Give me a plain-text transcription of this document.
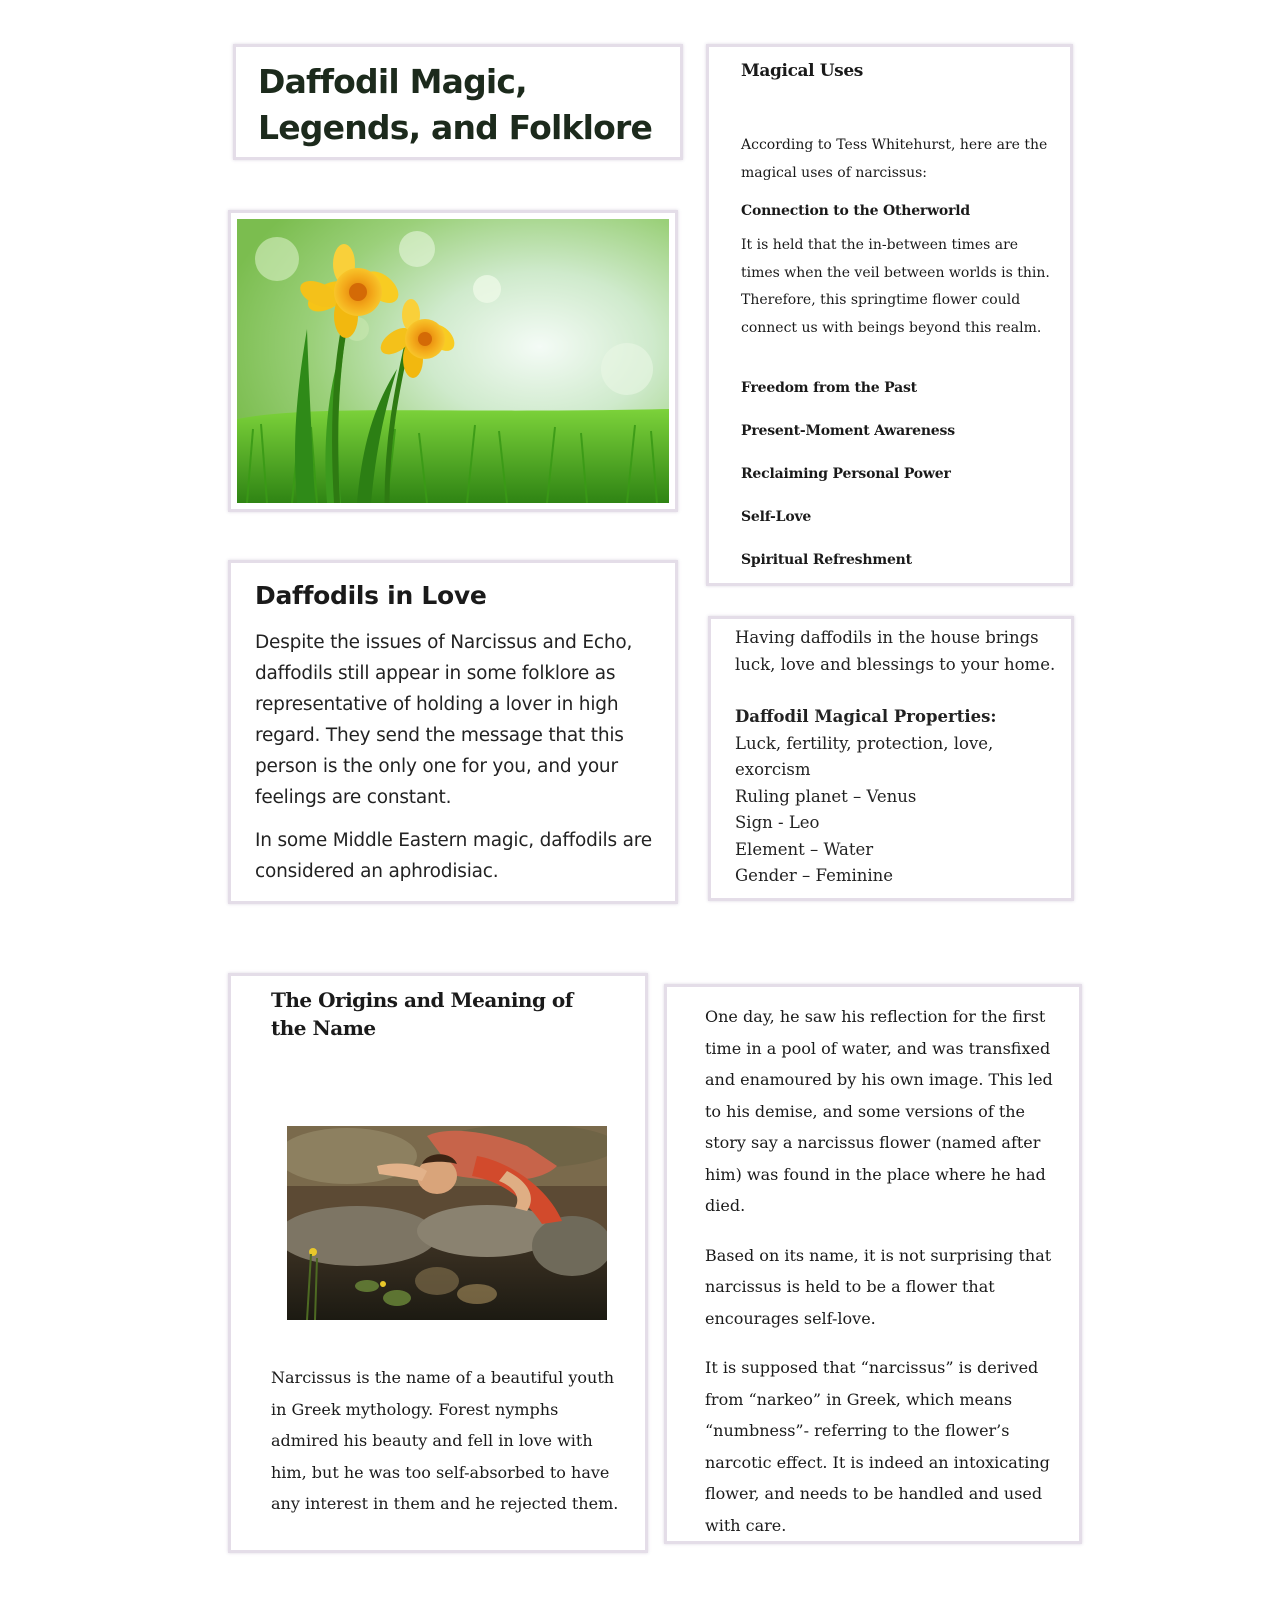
Daffodil Magic, Legends, and Folklore
Daffodils in Love

Despite the issues of Narcissus and Echo, daffodils still appear in some folklore as representative of holding a lover in high regard. They send the message that this person is the only one for you, and your feelings are constant.

In some Middle Eastern magic, daffodils are considered an aphrodisiac.

Magical Uses
According to Tess Whitehurst, here are the magical uses of narcissus:
Connection to the Otherworld
It is held that the in-between times are times when the veil between worlds is thin. Therefore, this springtime flower could connect us with beings beyond this realm.
Freedom from the Past
Present-Moment Awareness
Reclaiming Personal Power
Self-Love
Spiritual Refreshment
Having daffodils in the house brings
luck, love and blessings to your home.
Daffodil Magical Properties:
Luck, fertility, protection, love,
exorcism
Ruling planet – Venus
Sign - Leo
Element – Water
Gender – Feminine
The Origins and Meaning of the Name
Narcissus is the name of a beautiful youth in Greek mythology. Forest nymphs admired his beauty and fell in love with him, but he was too self-absorbed to have any interest in them and he rejected them.

One day, he saw his reflection for the first time in a pool of water, and was transfixed and enamoured by his own image. This led to his demise, and some versions of the story say a narcissus flower (named after him) was found in the place where he had died.

Based on its name, it is not surprising that narcissus is held to be a flower that encourages self-love.

It is supposed that “narcissus” is derived from “narkeo” in Greek, which means “numbness”- referring to the flower’s narcotic effect. It is indeed an intoxicating flower, and needs to be handled and used with care.
